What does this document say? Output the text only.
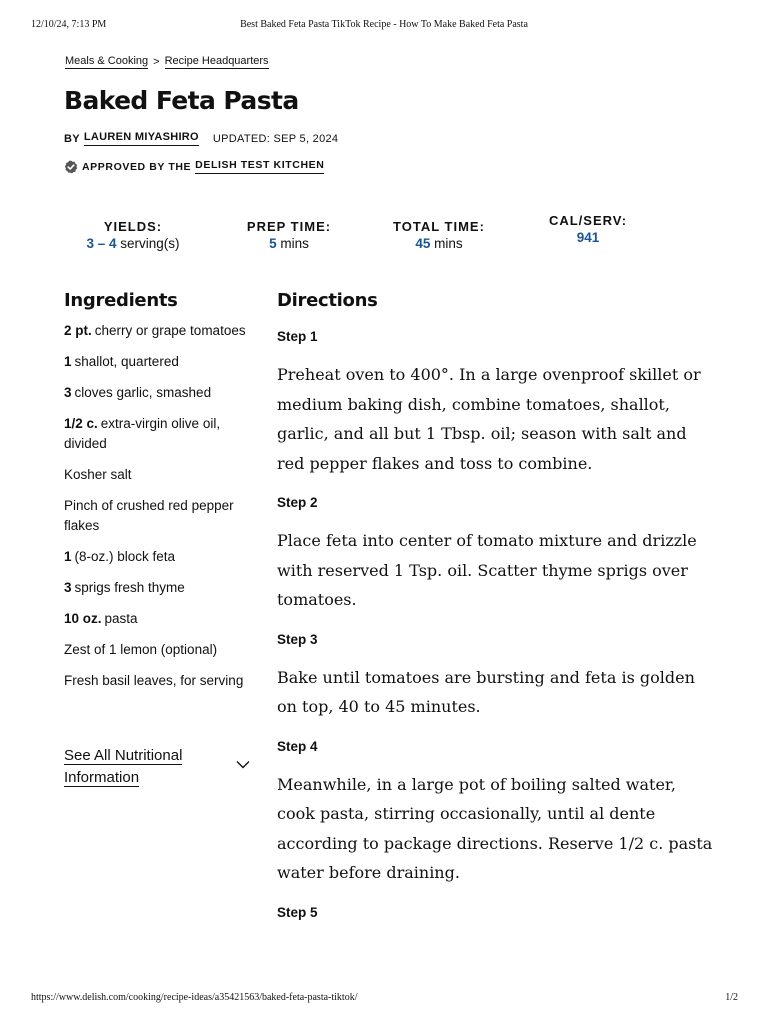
12/10/24, 7:13 PM	Best Baked Feta Pasta TikTok Recipe - How To Make Baked Feta Pasta
Meals & Cooking > Recipe Headquarters
Baked Feta Pasta
BY LAUREN MIYASHIRO UPDATED: SEP 5, 2024
APPROVED BY THE DELISH TEST KITCHEN
YIELDS:
3 – 4 serving(s)
PREP TIME:
5 mins
TOTAL TIME:
45 mins
CAL/SERV:
941
Ingredients
2 pt. cherry or grape tomatoes
1 shallot, quartered
3 cloves garlic, smashed
1/2 c. extra-virgin olive oil, divided
Kosher salt
Pinch of crushed red pepper flakes
1 (8-oz.) block feta
3 sprigs fresh thyme
10 oz. pasta
Zest of 1 lemon (optional)
Fresh basil leaves, for serving
See All Nutritional Information
Directions
Step 1

Preheat oven to 400°. In a large ovenproof skillet or medium baking dish, combine tomatoes, shallot, garlic, and all but 1 Tbsp. oil; season with salt and red pepper flakes and toss to combine.

Step 2

Place feta into center of tomato mixture and drizzle with reserved 1 Tsp. oil. Scatter thyme sprigs over tomatoes.

Step 3

Bake until tomatoes are bursting and feta is golden on top, 40 to 45 minutes.

Step 4

Meanwhile, in a large pot of boiling salted water, cook pasta, stirring occasionally, until al dente according to package directions. Reserve 1/2 c. pasta water before draining.

Step 5
https://www.delish.com/cooking/recipe-ideas/a35421563/baked-feta-pasta-tiktok/	1/2
